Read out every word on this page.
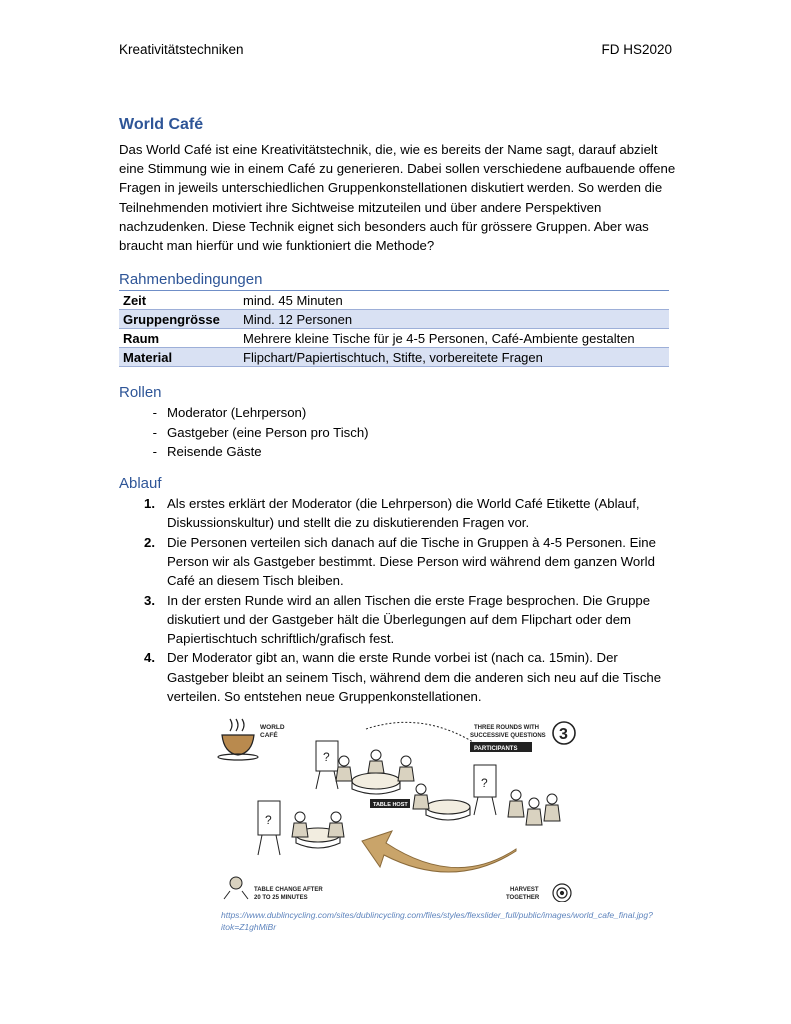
Kreativitätstechniken	FD HS2020
World Café

Das World Café ist eine Kreativitätstechnik, die, wie es bereits der Name sagt, darauf abzielt eine Stimmung wie in einem Café zu generieren. Dabei sollen verschiedene aufbauende offene Fragen in jeweils unterschiedlichen Gruppenkonstellationen diskutiert werden. So werden die Teilnehmenden motiviert ihre Sichtweise mitzuteilen und über andere Perspektiven nachzudenken. Diese Technik eignet sich besonders auch für grössere Gruppen. Aber was braucht man hierfür und wie funktioniert die Methode?

Rahmenbedingungen
Zeit	mind. 45 Minuten
Gruppengrösse	Mind. 12 Personen
Raum	Mehrere kleine Tische für je 4-5 Personen, Café-Ambiente gestalten
Material	Flipchart/Papiertischtuch, Stifte, vorbereitete Fragen
Rollen
- Moderator (Lehrperson)
- Gastgeber (eine Person pro Tisch)
- Reisende Gäste
Ablauf
1. Als erstes erklärt der Moderator (die Lehrperson) die World Café Etikette (Ablauf, Diskussionskultur) und stellt die zu diskutierenden Fragen vor.
2. Die Personen verteilen sich danach auf die Tische in Gruppen à 4-5 Personen. Eine Person wir als Gastgeber bestimmt. Diese Person wird während dem ganzen World Café an diesem Tisch bleiben.
3. In der ersten Runde wird an allen Tischen die erste Frage besprochen. Die Gruppe diskutiert und der Gastgeber hält die Überlegungen auf dem Flipchart oder dem Papiertischtuch schriftlich/grafisch fest.
4. Der Moderator gibt an, wann die erste Runde vorbei ist (nach ca. 15min). Der Gastgeber bleibt an seinem Tisch, während dem die anderen sich neu auf die Tische verteilen. So entstehen neue Gruppenkonstellationen.
WORLD
CAFÉ
THREE ROUNDS WITH
SUCCESSIVE QUESTIONS 3
PARTICIPANTS
?
?
?
TABLE HOST
TABLE CHANGE AFTER
20 TO 25 MINUTES
HARVEST
TOGETHER
https://www.dublincycling.com/sites/dublincycling.com/files/styles/flexslider_full/public/images/world_cafe_final.jpg?itok=Z1ghMiBr
